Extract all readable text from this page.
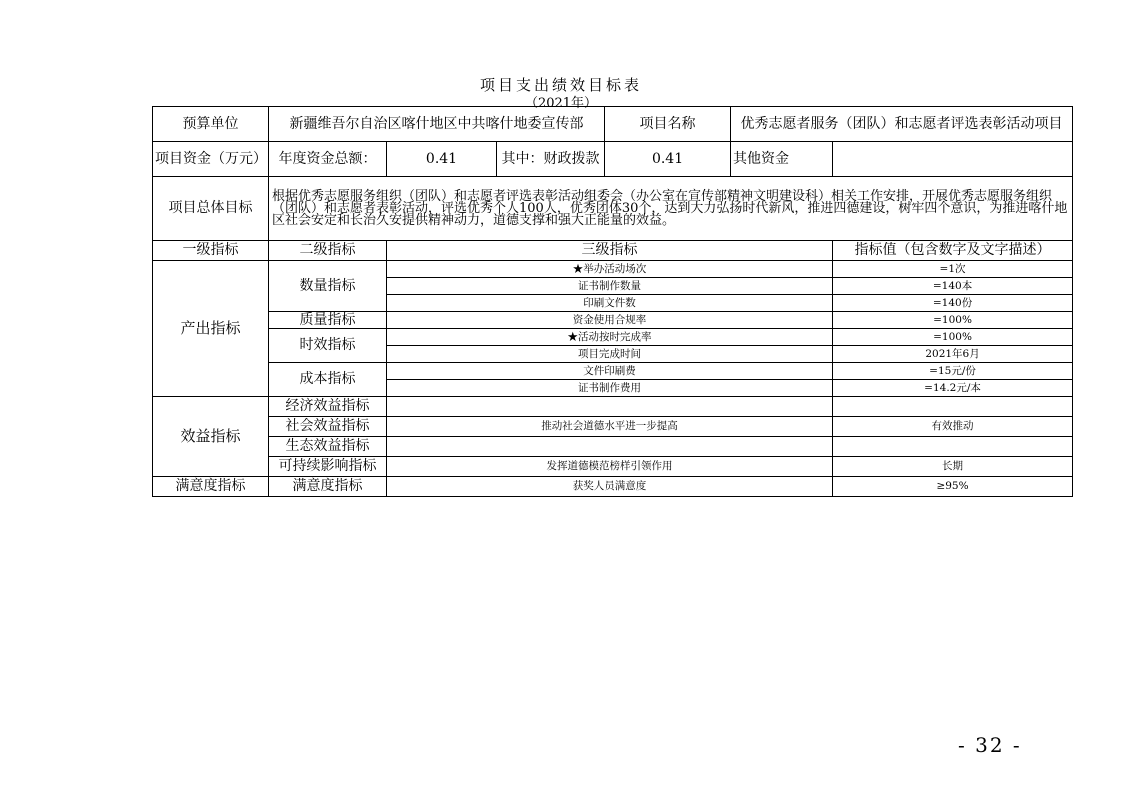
项目支出绩效目标表
（2021年）
预算单位	新疆维吾尔自治区喀什地区中共喀什地委宣传部			项目名称	优秀志愿者服务（团队）和志愿者评选表彰活动项目	
项目资金（万元）	年度资金总额：	0.41	其中：财政拨款	0.41	其他资金	
项目总体目标	根据优秀志愿服务组织（团队）和志愿者评选表彰活动组委会（办公室在宣传部精神文明建设科）相关工作安排，开展优秀志愿服务组织（团队）和志愿者表彰活动，评选优秀个人100人，优秀团体30个，达到大力弘扬时代新风，推进四德建设，树牢四个意识，为推进喀什地区社会安定和长治久安提供精神动力，道德支撑和强大正能量的效益。					
一级指标	二级指标	三级指标				指标值（包含数字及文字描述）
产出指标	数量指标	★举办活动场次				=1次
		证书制作数量				=140本
		印刷文件数				=140份
	质量指标	资金使用合规率				=100%
	时效指标	★活动按时完成率				=100%
		项目完成时间				2021年6月
	成本指标	文件印刷费				=15元/份
		证书制作费用				=14.2元/本
效益指标	经济效益指标					
	社会效益指标	推动社会道德水平进一步提高				有效推动
	生态效益指标					
	可持续影响指标	发挥道德模范榜样引领作用				长期
满意度指标	满意度指标	获奖人员满意度				≥95%
- 32 -
